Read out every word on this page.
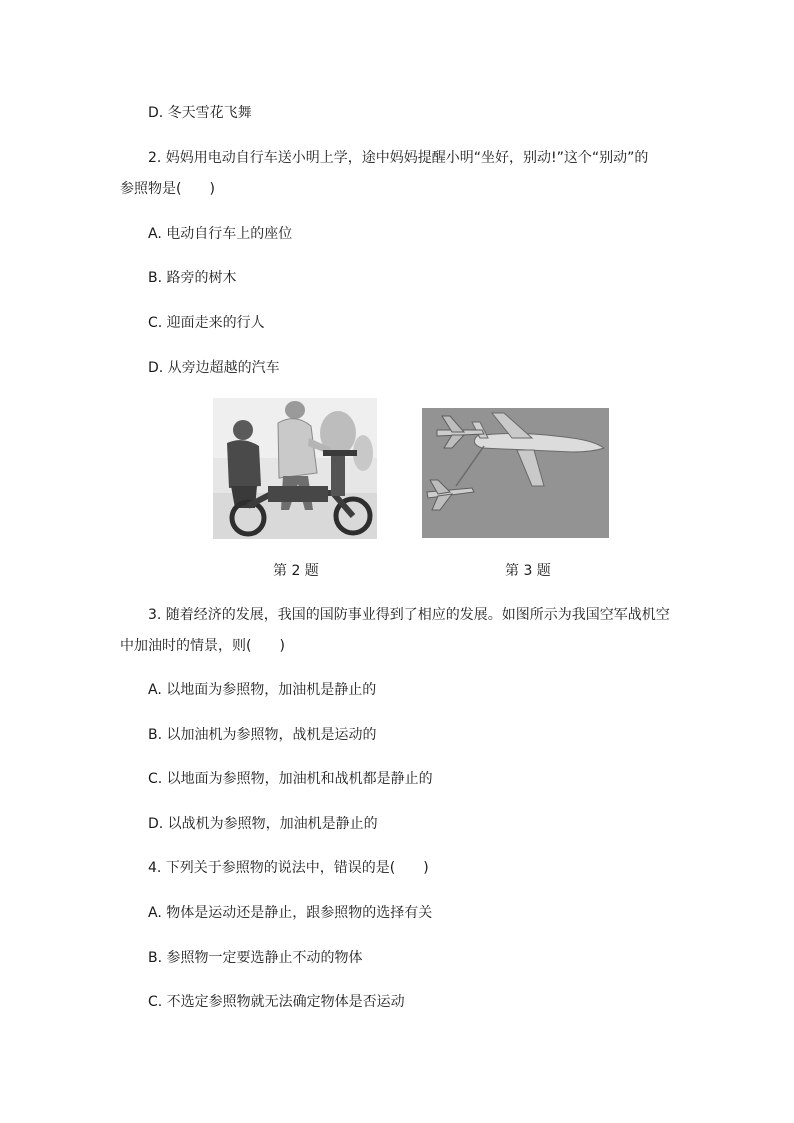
D. 冬天雪花飞舞
2. 妈妈用电动自行车送小明上学，途中妈妈提醒小明“坐好，别动!”这个“别动”的
参照物是(　　)
A. 电动自行车上的座位
B. 路旁的树木
C. 迎面走来的行人
D. 从旁边超越的汽车
第 2 题	第 3 题
3. 随着经济的发展，我国的国防事业得到了相应的发展。如图所示为我国空军战机空
中加油时的情景，则(　　)
A. 以地面为参照物，加油机是静止的
B. 以加油机为参照物，战机是运动的
C. 以地面为参照物，加油机和战机都是静止的
D. 以战机为参照物，加油机是静止的
4. 下列关于参照物的说法中，错误的是(　　)
A. 物体是运动还是静止，跟参照物的选择有关
B. 参照物一定要选静止不动的物体
C. 不选定参照物就无法确定物体是否运动
